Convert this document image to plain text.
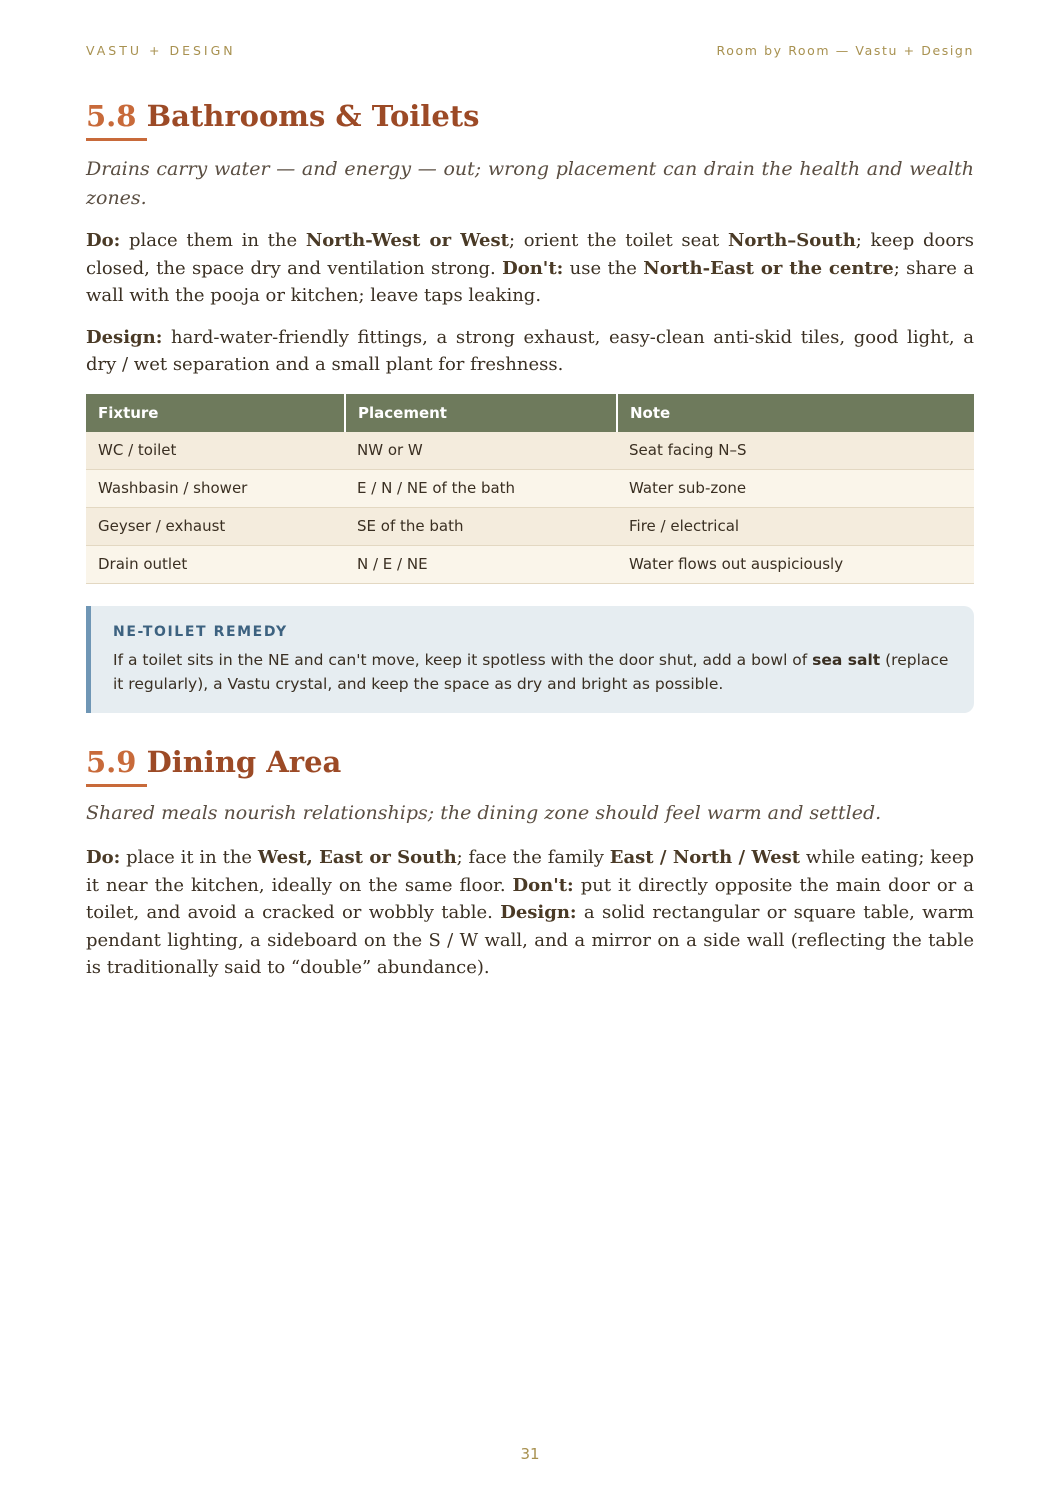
VASTU + DESIGN	Room by Room — Vastu + Design
5.8 Bathrooms & Toilets

Drains carry water — and energy — out; wrong placement can drain the health and wealth zones.

Do: place them in the North-West or West; orient the toilet seat North–South; keep doors closed, the space dry and ventilation strong. Don't: use the North-East or the centre; share a wall with the pooja or kitchen; leave taps leaking.

Design: hard-water-friendly fittings, a strong exhaust, easy-clean anti-skid tiles, good light, a dry / wet separation and a small plant for freshness.

Fixture	Placement	Note
WC / toilet	NW or W	Seat facing N–S
Washbasin / shower	E / N / NE of the bath	Water sub-zone
Geyser / exhaust	SE of the bath	Fire / electrical
Drain outlet	N / E / NE	Water flows out auspiciously

NE-TOILET REMEDY

If a toilet sits in the NE and can't move, keep it spotless with the door shut, add a bowl of sea salt (replace it regularly), a Vastu crystal, and keep the space as dry and bright as possible.

5.9 Dining Area

Shared meals nourish relationships; the dining zone should feel warm and settled.

Do: place it in the West, East or South; face the family East / North / West while eating; keep it near the kitchen, ideally on the same floor. Don't: put it directly opposite the main door or a toilet, and avoid a cracked or wobbly table. Design: a solid rectangular or square table, warm pendant lighting, a sideboard on the S / W wall, and a mirror on a side wall (reflecting the table is traditionally said to “double” abundance).

31
